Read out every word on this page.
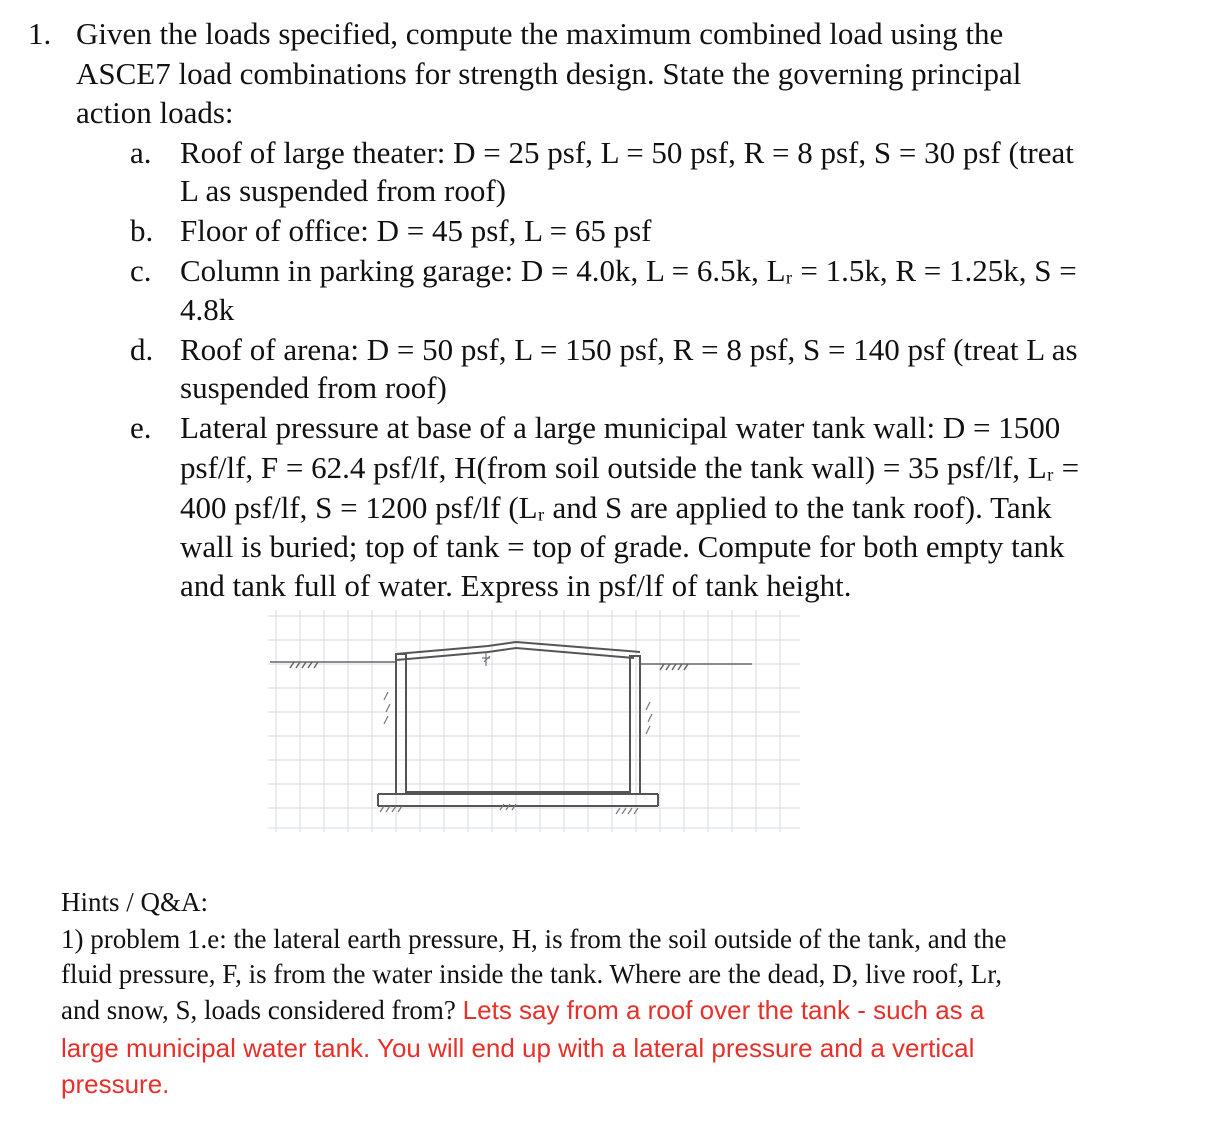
1. Given the loads specified, compute the maximum combined load using the
ASCE7 load combinations for strength design. State the governing principal
action loads:
a. Roof of large theater: D = 25 psf, L = 50 psf, R = 8 psf, S = 30 psf (treat
L as suspended from roof)
b. Floor of office: D = 45 psf, L = 65 psf
c. Column in parking garage: D = 4.0k, L = 6.5k, Lᵣ = 1.5k, R = 1.25k, S =
4.8k
d. Roof of arena: D = 50 psf, L = 150 psf, R = 8 psf, S = 140 psf (treat L as
suspended from roof)
e. Lateral pressure at base of a large municipal water tank wall: D = 1500
psf/lf, F = 62.4 psf/lf, H(from soil outside the tank wall) = 35 psf/lf, Lᵣ =
400 psf/lf, S = 1200 psf/lf (Lᵣ and S are applied to the tank roof). Tank
wall is buried; top of tank = top of grade. Compute for both empty tank
and tank full of water. Express in psf/lf of tank height.
Hints / Q&A:
1) problem 1.e: the lateral earth pressure, H, is from the soil outside of the tank, and the
fluid pressure, F, is from the water inside the tank. Where are the dead, D, live roof, Lr,
and snow, S, loads considered from? Lets say from a roof over the tank - such as a
large municipal water tank. You will end up with a lateral pressure and a vertical
pressure.
